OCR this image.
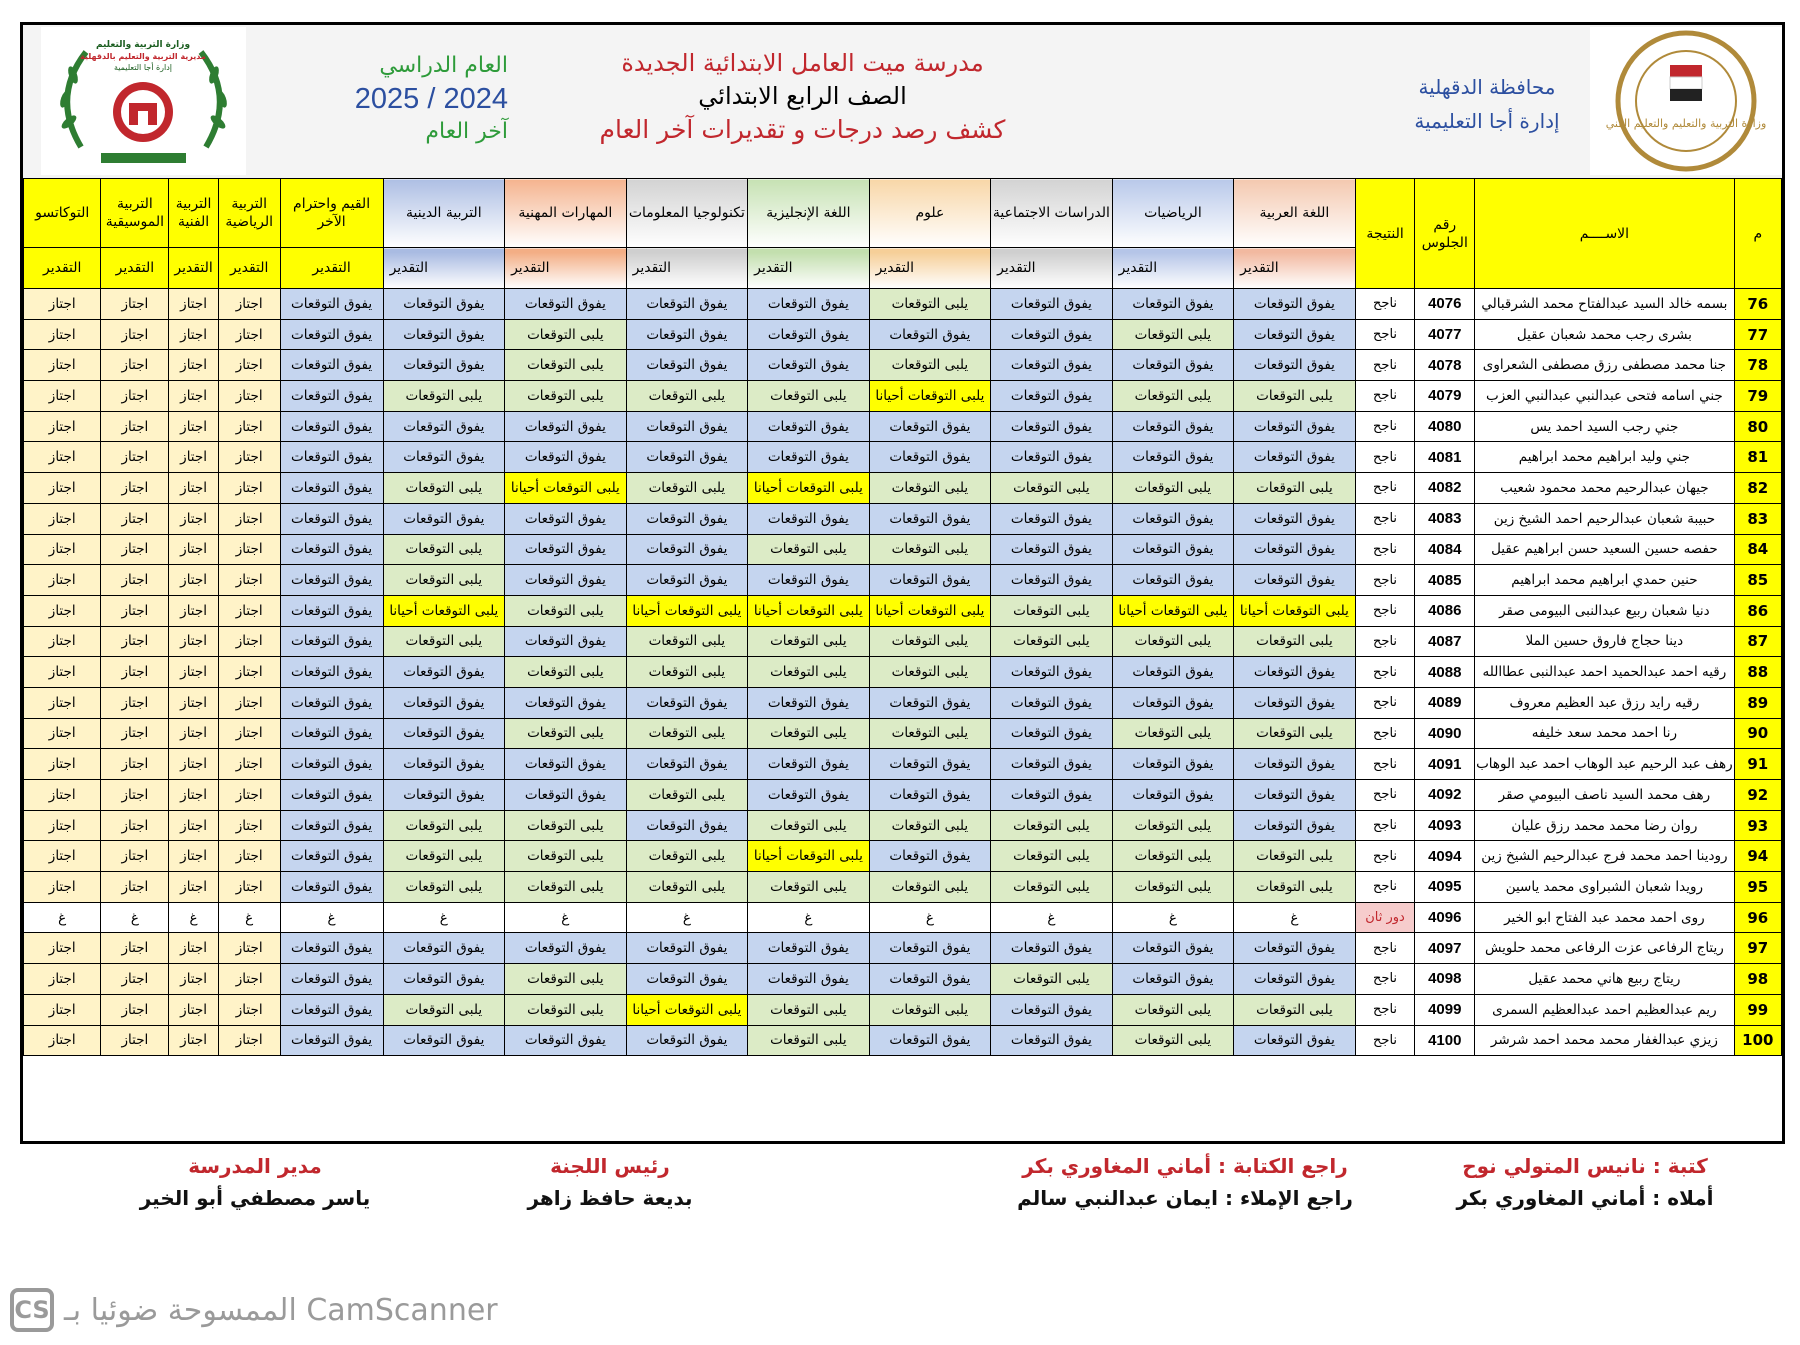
وزارة التربية والتعليم والتعليم الفني
محافظة الدقهلية
إدارة أجا التعليمية
مدرسة ميت العامل الابتدائية الجديدة
الصف الرابع الابتدائي
كشف رصد درجات و تقديرات آخر العام
العام الدراسي
2025 / 2024
آخر العام
وزارة التربية والتعليم
مديرية التربية والتعليم بالدقهلية
إدارة أجا التعليمية
م	الاســــم	رقم الجلوس	النتيجة	اللغة العربية	الرياضيات	الدراسات الاجتماعية	علوم	اللغة الإنجليزية	تكنولوجيا المعلومات	المهارات المهنية	التربية الدينية	القيم واحترام الآخر	التربية الرياضية	التربية الفنية	التربية الموسيقية	التوكاتسو
				التقدير	التقدير	التقدير	التقدير	التقدير	التقدير	التقدير	التقدير	التقدير	التقدير	التقدير	التقدير	التقدير
76	بسمه خالد السيد عبدالفتاح محمد الشرقبالي	4076	ناجح	يفوق التوقعات	يفوق التوقعات	يفوق التوقعات	يلبى التوقعات	يفوق التوقعات	يفوق التوقعات	يفوق التوقعات	يفوق التوقعات	يفوق التوقعات	اجتاز	اجتاز	اجتاز	اجتاز
77	بشرى رجب محمد شعبان عقيل	4077	ناجح	يفوق التوقعات	يلبى التوقعات	يفوق التوقعات	يفوق التوقعات	يفوق التوقعات	يفوق التوقعات	يلبى التوقعات	يفوق التوقعات	يفوق التوقعات	اجتاز	اجتاز	اجتاز	اجتاز
78	جنا محمد مصطفى رزق مصطفى الشعراوى	4078	ناجح	يفوق التوقعات	يفوق التوقعات	يفوق التوقعات	يلبى التوقعات	يفوق التوقعات	يفوق التوقعات	يلبى التوقعات	يفوق التوقعات	يفوق التوقعات	اجتاز	اجتاز	اجتاز	اجتاز
79	جني اسامه فتحى عبدالنبي عبدالنبي العزب	4079	ناجح	يلبى التوقعات	يلبى التوقعات	يفوق التوقعات	يلبى التوقعات أحيانا	يلبى التوقعات	يلبى التوقعات	يلبى التوقعات	يلبى التوقعات	يفوق التوقعات	اجتاز	اجتاز	اجتاز	اجتاز
80	جني رجب السيد احمد يس	4080	ناجح	يفوق التوقعات	يفوق التوقعات	يفوق التوقعات	يفوق التوقعات	يفوق التوقعات	يفوق التوقعات	يفوق التوقعات	يفوق التوقعات	يفوق التوقعات	اجتاز	اجتاز	اجتاز	اجتاز
81	جني وليد ابراهيم محمد ابراهيم	4081	ناجح	يفوق التوقعات	يفوق التوقعات	يفوق التوقعات	يفوق التوقعات	يفوق التوقعات	يفوق التوقعات	يفوق التوقعات	يفوق التوقعات	يفوق التوقعات	اجتاز	اجتاز	اجتاز	اجتاز
82	جيهان عبدالرحيم محمد محمود شعيب	4082	ناجح	يلبى التوقعات	يلبى التوقعات	يلبى التوقعات	يلبى التوقعات	يلبى التوقعات أحيانا	يلبى التوقعات	يلبى التوقعات أحيانا	يلبى التوقعات	يفوق التوقعات	اجتاز	اجتاز	اجتاز	اجتاز
83	حبيبة شعبان عبدالرحيم احمد الشيخ زين	4083	ناجح	يفوق التوقعات	يفوق التوقعات	يفوق التوقعات	يفوق التوقعات	يفوق التوقعات	يفوق التوقعات	يفوق التوقعات	يفوق التوقعات	يفوق التوقعات	اجتاز	اجتاز	اجتاز	اجتاز
84	حفصه حسين السعيد حسن ابراهيم عقيل	4084	ناجح	يفوق التوقعات	يفوق التوقعات	يفوق التوقعات	يلبى التوقعات	يلبى التوقعات	يفوق التوقعات	يفوق التوقعات	يلبى التوقعات	يفوق التوقعات	اجتاز	اجتاز	اجتاز	اجتاز
85	حنين حمدي ابراهيم محمد ابراهيم	4085	ناجح	يفوق التوقعات	يفوق التوقعات	يفوق التوقعات	يفوق التوقعات	يفوق التوقعات	يفوق التوقعات	يفوق التوقعات	يلبى التوقعات	يفوق التوقعات	اجتاز	اجتاز	اجتاز	اجتاز
86	دنيا شعبان ربيع عبدالنبى البيومى صقر	4086	ناجح	يلبى التوقعات أحيانا	يلبى التوقعات أحيانا	يلبى التوقعات	يلبى التوقعات أحيانا	يلبى التوقعات أحيانا	يلبى التوقعات أحيانا	يلبى التوقعات	يلبى التوقعات أحيانا	يفوق التوقعات	اجتاز	اجتاز	اجتاز	اجتاز
87	دينا حجاج فاروق حسين الملا	4087	ناجح	يلبى التوقعات	يلبى التوقعات	يلبى التوقعات	يلبى التوقعات	يلبى التوقعات	يلبى التوقعات	يفوق التوقعات	يلبى التوقعات	يفوق التوقعات	اجتاز	اجتاز	اجتاز	اجتاز
88	رقيه احمد عبدالحميد احمد عبدالنبى عطاالله	4088	ناجح	يفوق التوقعات	يفوق التوقعات	يفوق التوقعات	يلبى التوقعات	يلبى التوقعات	يلبى التوقعات	يلبى التوقعات	يفوق التوقعات	يفوق التوقعات	اجتاز	اجتاز	اجتاز	اجتاز
89	رقيه رايد رزق عبد العظيم معروف	4089	ناجح	يفوق التوقعات	يفوق التوقعات	يفوق التوقعات	يفوق التوقعات	يفوق التوقعات	يفوق التوقعات	يفوق التوقعات	يفوق التوقعات	يفوق التوقعات	اجتاز	اجتاز	اجتاز	اجتاز
90	رنا احمد محمد سعد خليفه	4090	ناجح	يلبى التوقعات	يلبى التوقعات	يفوق التوقعات	يلبى التوقعات	يلبى التوقعات	يلبى التوقعات	يلبى التوقعات	يفوق التوقعات	يفوق التوقعات	اجتاز	اجتاز	اجتاز	اجتاز
91	رهف عبد الرحيم عبد الوهاب احمد عبد الوهاب	4091	ناجح	يفوق التوقعات	يفوق التوقعات	يفوق التوقعات	يفوق التوقعات	يفوق التوقعات	يفوق التوقعات	يفوق التوقعات	يفوق التوقعات	يفوق التوقعات	اجتاز	اجتاز	اجتاز	اجتاز
92	رهف محمد السيد ناصف البيومي صقر	4092	ناجح	يفوق التوقعات	يفوق التوقعات	يفوق التوقعات	يفوق التوقعات	يفوق التوقعات	يلبى التوقعات	يفوق التوقعات	يفوق التوقعات	يفوق التوقعات	اجتاز	اجتاز	اجتاز	اجتاز
93	روان رضا محمد محمد رزق عليان	4093	ناجح	يفوق التوقعات	يلبى التوقعات	يلبى التوقعات	يلبى التوقعات	يلبى التوقعات	يفوق التوقعات	يلبى التوقعات	يلبى التوقعات	يفوق التوقعات	اجتاز	اجتاز	اجتاز	اجتاز
94	رودينا احمد محمد فرج عبدالرحيم الشيخ زين	4094	ناجح	يلبى التوقعات	يلبى التوقعات	يلبى التوقعات	يفوق التوقعات	يلبى التوقعات أحيانا	يلبى التوقعات	يلبى التوقعات	يلبى التوقعات	يفوق التوقعات	اجتاز	اجتاز	اجتاز	اجتاز
95	رويدا شعبان الشبراوى محمد ياسين	4095	ناجح	يلبى التوقعات	يلبى التوقعات	يلبى التوقعات	يلبى التوقعات	يلبى التوقعات	يلبى التوقعات	يلبى التوقعات	يلبى التوقعات	يفوق التوقعات	اجتاز	اجتاز	اجتاز	اجتاز
96	روى احمد محمد عبد الفتاح ابو الخير	4096	دور ثان	غ	غ	غ	غ	غ	غ	غ	غ	غ	غ	غ	غ	غ
97	ريتاج الرفاعى عزت الرفاعى محمد حلويش	4097	ناجح	يفوق التوقعات	يفوق التوقعات	يفوق التوقعات	يفوق التوقعات	يفوق التوقعات	يفوق التوقعات	يفوق التوقعات	يفوق التوقعات	يفوق التوقعات	اجتاز	اجتاز	اجتاز	اجتاز
98	ريتاج ربيع هاني محمد عقيل	4098	ناجح	يفوق التوقعات	يفوق التوقعات	يلبى التوقعات	يفوق التوقعات	يفوق التوقعات	يفوق التوقعات	يلبى التوقعات	يفوق التوقعات	يفوق التوقعات	اجتاز	اجتاز	اجتاز	اجتاز
99	ريم عبدالعظيم احمد عبدالعظيم السمرى	4099	ناجح	يلبى التوقعات	يلبى التوقعات	يفوق التوقعات	يلبى التوقعات	يلبى التوقعات	يلبى التوقعات أحيانا	يلبى التوقعات	يلبى التوقعات	يفوق التوقعات	اجتاز	اجتاز	اجتاز	اجتاز
100	زيزي عبدالغفار محمد محمد احمد شرشر	4100	ناجح	يفوق التوقعات	يلبى التوقعات	يفوق التوقعات	يفوق التوقعات	يلبى التوقعات	يفوق التوقعات	يفوق التوقعات	يفوق التوقعات	يفوق التوقعات	اجتاز	اجتاز	اجتاز	اجتاز
كتبة : نانيس المتولي نوح
أملاه : أماني المغاوري بكر
راجع الكتابة : أماني المغاوري بكر
راجع الإملاء : ايمان عبدالنبي سالم
رئيس اللجنة
بديعة حافظ زاهر
مدير المدرسة
ياسر مصطفي أبو الخير
CS CamScanner الممسوحة ضوئيا بـ
